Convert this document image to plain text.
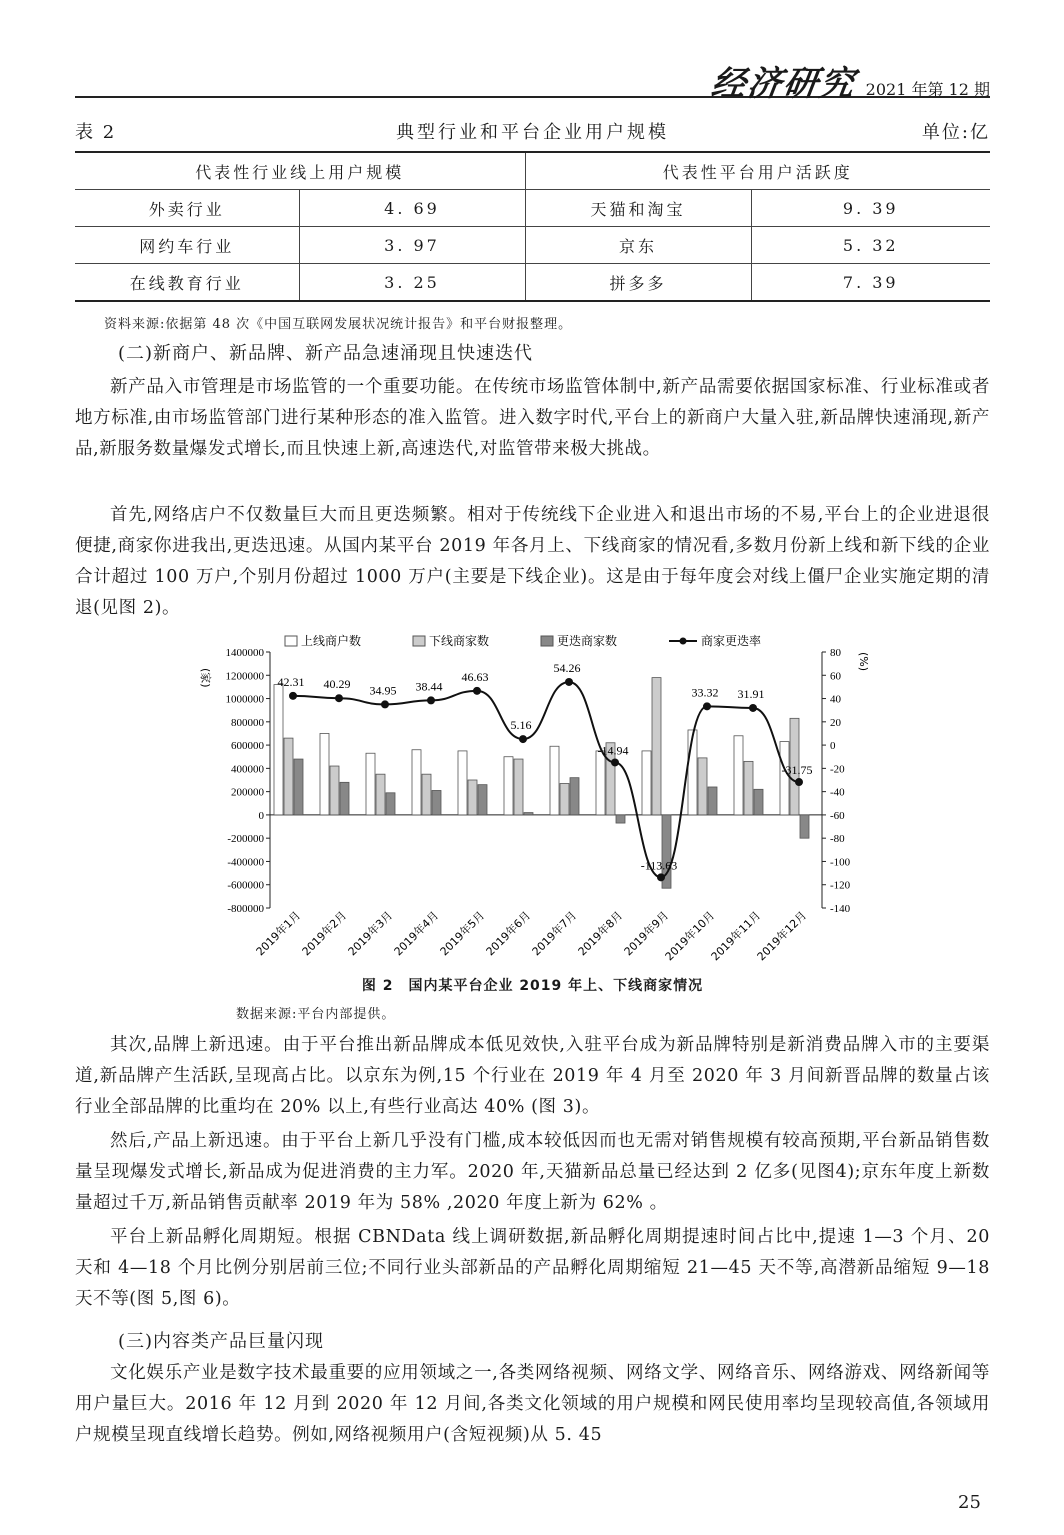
经济研究 2021 年第 12 期
典型行业和平台企业用户规模
表 2	单位:亿
代表性行业线上用户规模		代表性平台用户活跃度	
外卖行业	4. 69	天猫和淘宝	9. 39
网约车行业	3. 97	京东	5. 32
在线教育行业	3. 25	拼多多	7. 39
资料来源:依据第 48 次《中国互联网发展状况统计报告》和平台财报整理。
(二)新商户、新品牌、新产品急速涌现且快速迭代
新产品入市管理是市场监管的一个重要功能。在传统市场监管体制中,新产品需要依据国家标准、行业标准或者地方标准,由市场监管部门进行某种形态的准入监管。进入数字时代,平台上的新商户大量入驻,新品牌快速涌现,新产品,新服务数量爆发式增长,而且快速上新,高速迭代,对监管带来极大挑战。
首先,网络店户不仅数量巨大而且更迭频繁。相对于传统线下企业进入和退出市场的不易,平台上的企业进退很便捷,商家你进我出,更迭迅速。从国内某平台 2019 年各月上、下线商家的情况看,多数月份新上线和新下线的企业合计超过 100 万户,个别月份超过 1000 万户(主要是下线企业)。这是由于每年度会对线上僵尸企业实施定期的清退(见图 2)。
上线商户数	下线商家数	更迭商家数	商家更迭率
1400000
1200000
1000000
800000
600000
400000
200000
0
-200000
-400000
-600000
-800000
80
60
40
20
0
-20
-40
-60
-80
-100
-120
-140
(家)
(%)
2019年1月
2019年2月
2019年3月
2019年4月
2019年5月
2019年6月
2019年7月
2019年8月
2019年9月
2019年10月
2019年11月
2019年12月
42.31 40.29 34.95 38.44
46.63
5.16
54.26
-14.94
-113.63
33.32 31.91
-31.75
图 2　国内某平台企业 2019 年上、下线商家情况
数据来源:平台内部提供。
其次,品牌上新迅速。由于平台推出新品牌成本低见效快,入驻平台成为新品牌特别是新消费品牌入市的主要渠道,新品牌产生活跃,呈现高占比。以京东为例,15 个行业在 2019 年 4 月至 2020 年 3 月间新晋品牌的数量占该行业全部品牌的比重均在 20% 以上,有些行业高达 40% (图 3)。
然后,产品上新迅速。由于平台上新几乎没有门槛,成本较低因而也无需对销售规模有较高预期,平台新品销售数量呈现爆发式增长,新品成为促进消费的主力军。2020 年,天猫新品总量已经达到 2 亿多(见图4);京东年度上新数量超过千万,新品销售贡献率 2019 年为 58% ,2020 年度上新为 62% 。
平台上新品孵化周期短。根据 CBNData 线上调研数据,新品孵化周期提速时间占比中,提速 1—3 个月、20 天和 4—18 个月比例分别居前三位;不同行业头部新品的产品孵化周期缩短 21—45 天不等,高潜新品缩短 9—18 天不等(图 5,图 6)。
(三)内容类产品巨量闪现
文化娱乐产业是数字技术最重要的应用领域之一,各类网络视频、网络文学、网络音乐、网络游戏、网络新闻等用户量巨大。2016 年 12 月到 2020 年 12 月间,各类文化领域的用户规模和网民使用率均呈现较高值,各领域用户规模呈现直线增长趋势。例如,网络视频用户(含短视频)从 5. 45
25
